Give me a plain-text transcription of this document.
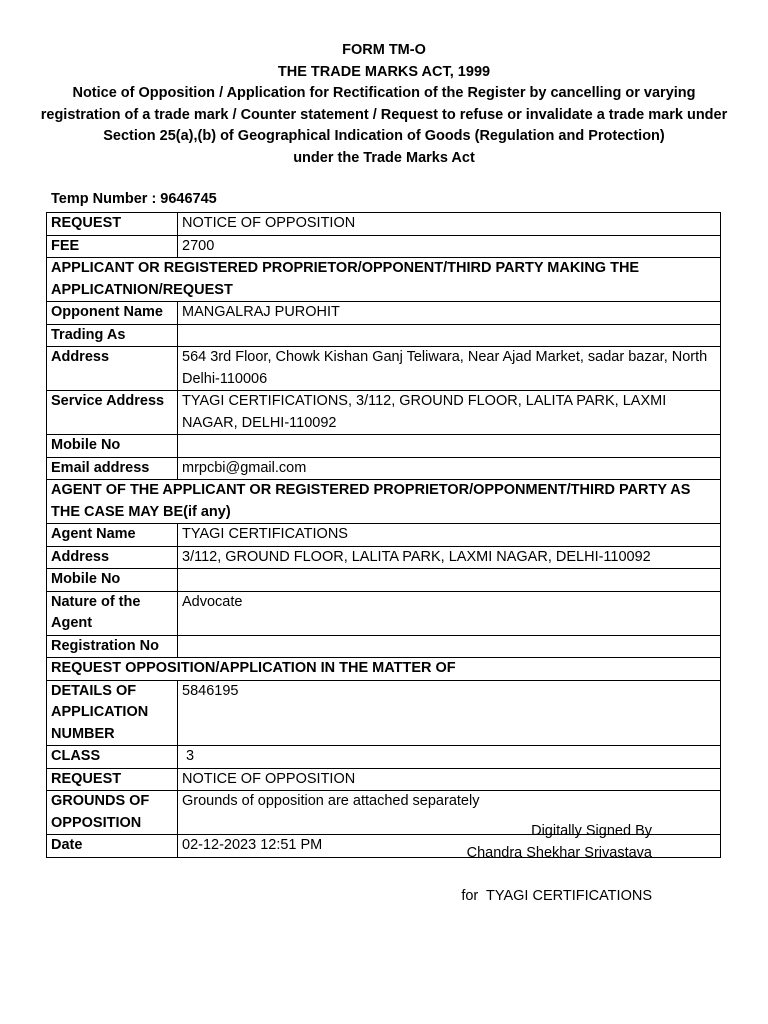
FORM TM-O
THE TRADE MARKS ACT, 1999
Notice of Opposition / Application for Rectification of the Register by cancelling or varying registration of a trade mark / Counter statement / Request to refuse or invalidate a trade mark under Section 25(a),(b) of Geographical Indication of Goods (Regulation and Protection)
under the Trade Marks Act
Temp Number : 9646745
REQUEST	NOTICE OF OPPOSITION
FEE	2700
APPLICANT OR REGISTERED PROPRIETOR/OPPONENT/THIRD PARTY MAKING THE APPLICATNION/REQUEST	
Opponent Name	MANGALRAJ PUROHIT
Trading As	
Address	564 3rd Floor, Chowk Kishan Ganj Teliwara, Near Ajad Market, sadar bazar, North Delhi-110006
Service Address	TYAGI CERTIFICATIONS, 3/112, GROUND FLOOR, LALITA PARK, LAXMI NAGAR, DELHI-110092
Mobile No	
Email address	mrpcbi@gmail.com
AGENT OF THE APPLICANT OR REGISTERED PROPRIETOR/OPPONMENT/THIRD PARTY AS THE CASE MAY BE(if any)	
Agent Name	TYAGI CERTIFICATIONS
Address	3/112, GROUND FLOOR, LALITA PARK, LAXMI NAGAR, DELHI-110092
Mobile No	
Nature of the Agent	Advocate
Registration No	
REQUEST OPPOSITION/APPLICATION IN THE MATTER OF	
DETAILS OF APPLICATION NUMBER	5846195
CLASS	3
REQUEST	NOTICE OF OPPOSITION
GROUNDS OF OPPOSITION	Grounds of opposition are attached separately
Date	02-12-2023 12:51 PM
Digitally Signed By
Chandra Shekhar Srivastava
for  TYAGI CERTIFICATIONS
